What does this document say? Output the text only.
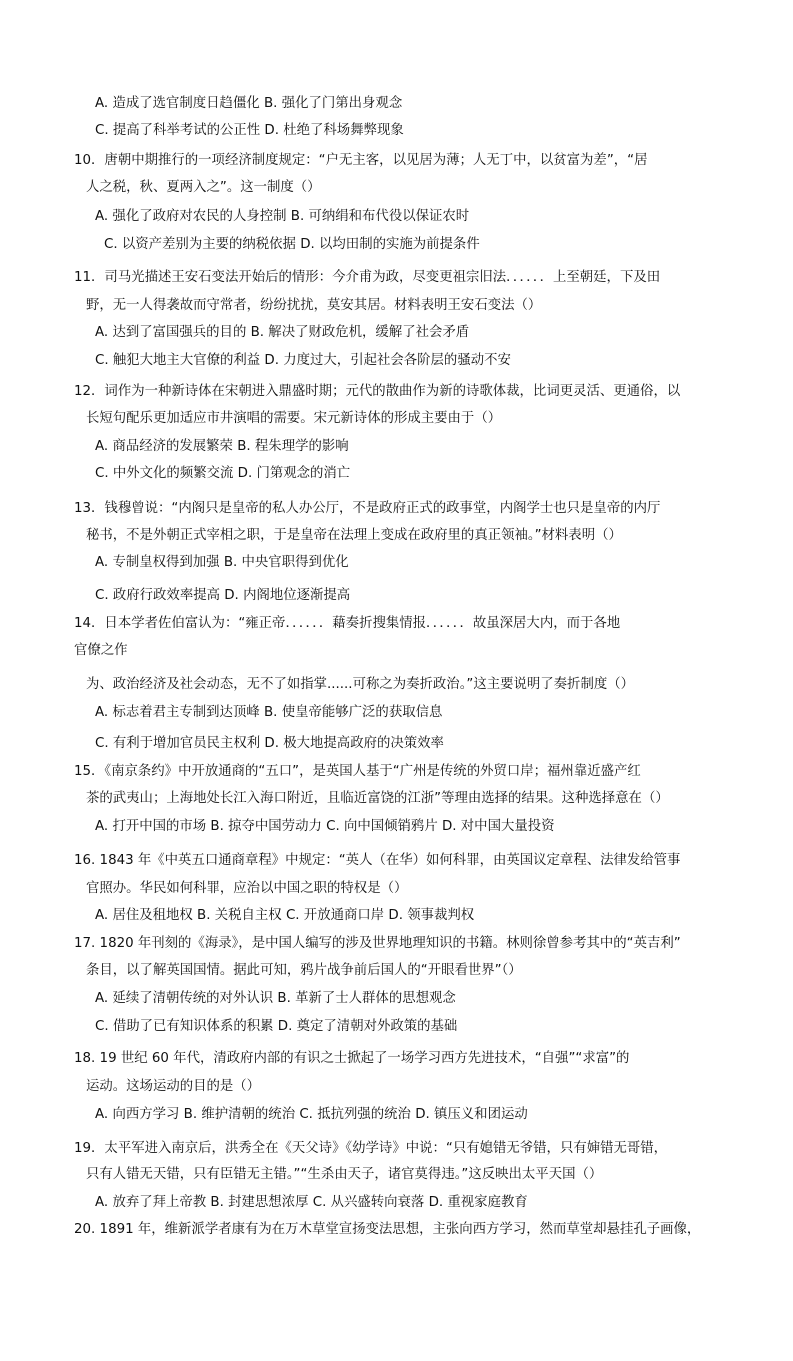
A. 造成了选官制度日趋僵化 B. 强化了门第出身观念
C. 提高了科举考试的公正性 D. 杜绝了科场舞弊现象
10．唐朝中期推行的一项经济制度规定：“户无主客，以见居为薄；人无丁中，以贫富为差”，“居
人之税，秋、夏两入之”。这一制度（）
A. 强化了政府对农民的人身控制 B. 可纳绢和布代役以保证农时
C. 以资产差别为主要的纳税依据 D. 以均田制的实施为前提条件
11．司马光描述王安石变法开始后的情形：今介甫为政，尽变更祖宗旧法．．．．．．上至朝廷，下及田
野，无一人得袭故而守常者，纷纷扰扰，莫安其居。材料表明王安石变法（）
A. 达到了富国强兵的目的 B. 解决了财政危机，缓解了社会矛盾
C. 触犯大地主大官僚的利益 D. 力度过大，引起社会各阶层的骚动不安
12．词作为一种新诗体在宋朝进入鼎盛时期；元代的散曲作为新的诗歌体裁，比词更灵活、更通俗，以
长短句配乐更加适应市井演唱的需要。宋元新诗体的形成主要由于（）
A. 商品经济的发展繁荣 B. 程朱理学的影响
C. 中外文化的频繁交流 D. 门第观念的消亡
13．钱穆曾说：“内阁只是皇帝的私人办公厅，不是政府正式的政事堂，内阁学士也只是皇帝的内厅
秘书，不是外朝正式宰相之职，于是皇帝在法理上变成在政府里的真正领袖。”材料表明（）
A. 专制皇权得到加强 B. 中央官职得到优化
C. 政府行政效率提高 D. 内阁地位逐渐提高
14．日本学者佐伯富认为：“雍正帝．．．．．．藉奏折搜集情报．．．．．．故虽深居大内，而于各地
官僚之作
为、政治经济及社会动态，无不了如指掌......可称之为奏折政治。”这主要说明了奏折制度（）
A. 标志着君主专制到达顶峰 B. 使皇帝能够广泛的获取信息
C. 有利于增加官员民主权利 D. 极大地提高政府的决策效率
15．《南京条约》中开放通商的“五口”，是英国人基于“广州是传统的外贸口岸；福州靠近盛产红
茶的武夷山；上海地处长江入海口附近，且临近富饶的江浙”等理由选择的结果。这种选择意在（）
A. 打开中国的市场 B. 掠夺中国劳动力 C. 向中国倾销鸦片 D. 对中国大量投资
16. 1843 年《中英五口通商章程》中规定：“英人（在华）如何科罪，由英国议定章程、法律发给管事
官照办。华民如何科罪，应治以中国之职的特权是（）
A. 居住及租地权 B. 关税自主权 C. 开放通商口岸 D. 领事裁判权
17. 1820 年刊刻的《海录》，是中国人编写的涉及世界地理知识的书籍。林则徐曾参考其中的“英吉利”
条目，以了解英国国情。据此可知，鸦片战争前后国人的“开眼看世界”（）
A. 延续了清朝传统的对外认识 B. 革新了士人群体的思想观念
C. 借助了已有知识体系的积累 D. 奠定了清朝对外政策的基础
18. 19 世纪 60 年代，清政府内部的有识之士掀起了一场学习西方先进技术，“自强”“求富”的
运动。这场运动的目的是（）
A. 向西方学习 B. 维护清朝的统治 C. 抵抗列强的统治 D. 镇压义和团运动
19．太平军进入南京后，洪秀全在《天父诗》《幼学诗》中说：“只有媳错无爷错，只有婶错无哥错，
只有人错无天错，只有臣错无主错。”“生杀由天子，诸官莫得违。”这反映出太平天国（）
A. 放弃了拜上帝教 B. 封建思想浓厚 C. 从兴盛转向衰落 D. 重视家庭教育
20. 1891 年，维新派学者康有为在万木草堂宣扬变法思想，主张向西方学习，然而草堂却悬挂孔子画像，
